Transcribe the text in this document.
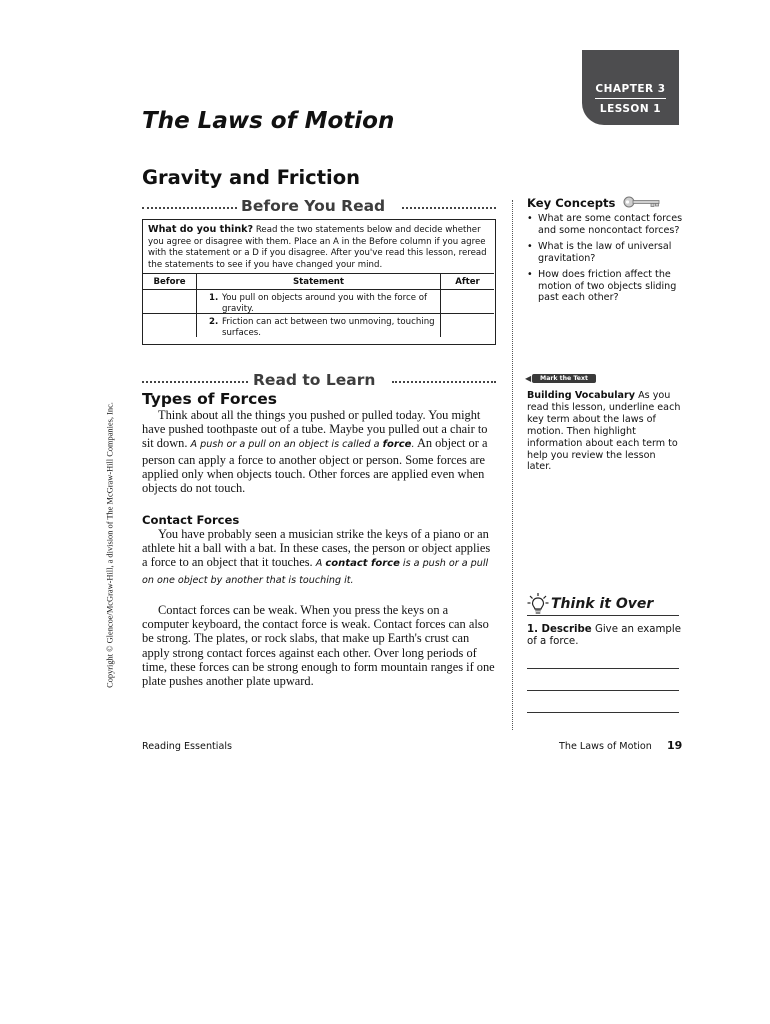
CHAPTER 3
LESSON 1
The Laws of Motion
Gravity and Friction
Before You Read
What do you think? Read the two statements below and decide whether you agree or disagree with them. Place an A in the Before column if you agree with the statement or a D if you disagree. After you've read this lesson, reread the statements to see if you have changed your mind.
Before	Statement	After

	1. You pull on objects around you with the force of gravity.	

	2. Friction can act between two unmoving, touching surfaces.	

Key Concepts
• What are some contact forces and some noncontact forces?
• What is the law of universal gravitation?
• How does friction affect the motion of two objects sliding past each other?
Read to Learn
Types of Forces

Think about all the things you pushed or pulled today. You might have pushed toothpaste out of a tube. Maybe you pulled out a chair to sit down. A push or a pull on an object is called a force. An object or a person can apply a force to another object or person. Some forces are applied only when objects touch. Other forces are applied even when objects do not touch.

Contact Forces

You have probably seen a musician strike the keys of a piano or an athlete hit a ball with a bat. In these cases, the person or object applies a force to an object that it touches. A contact force is a push or a pull on one object by another that is touching it.

Contact forces can be weak. When you press the keys on a computer keyboard, the contact force is weak. Contact forces can also be strong. The plates, or rock slabs, that make up Earth's crust can apply strong contact forces against each other. Over long periods of time, these forces can be strong enough to form mountain ranges if one plate pushes another plate upward.

◀	Mark the Text
Building Vocabulary As you read this lesson, underline each key term about the laws of motion. Then highlight information about each term to help you review the lesson later.
Think it Over
1. Describe Give an example of a force.
Copyright © Glencoe/McGraw-Hill, a division of The McGraw-Hill Companies, Inc.
Reading Essentials	The Laws of Motion 19
